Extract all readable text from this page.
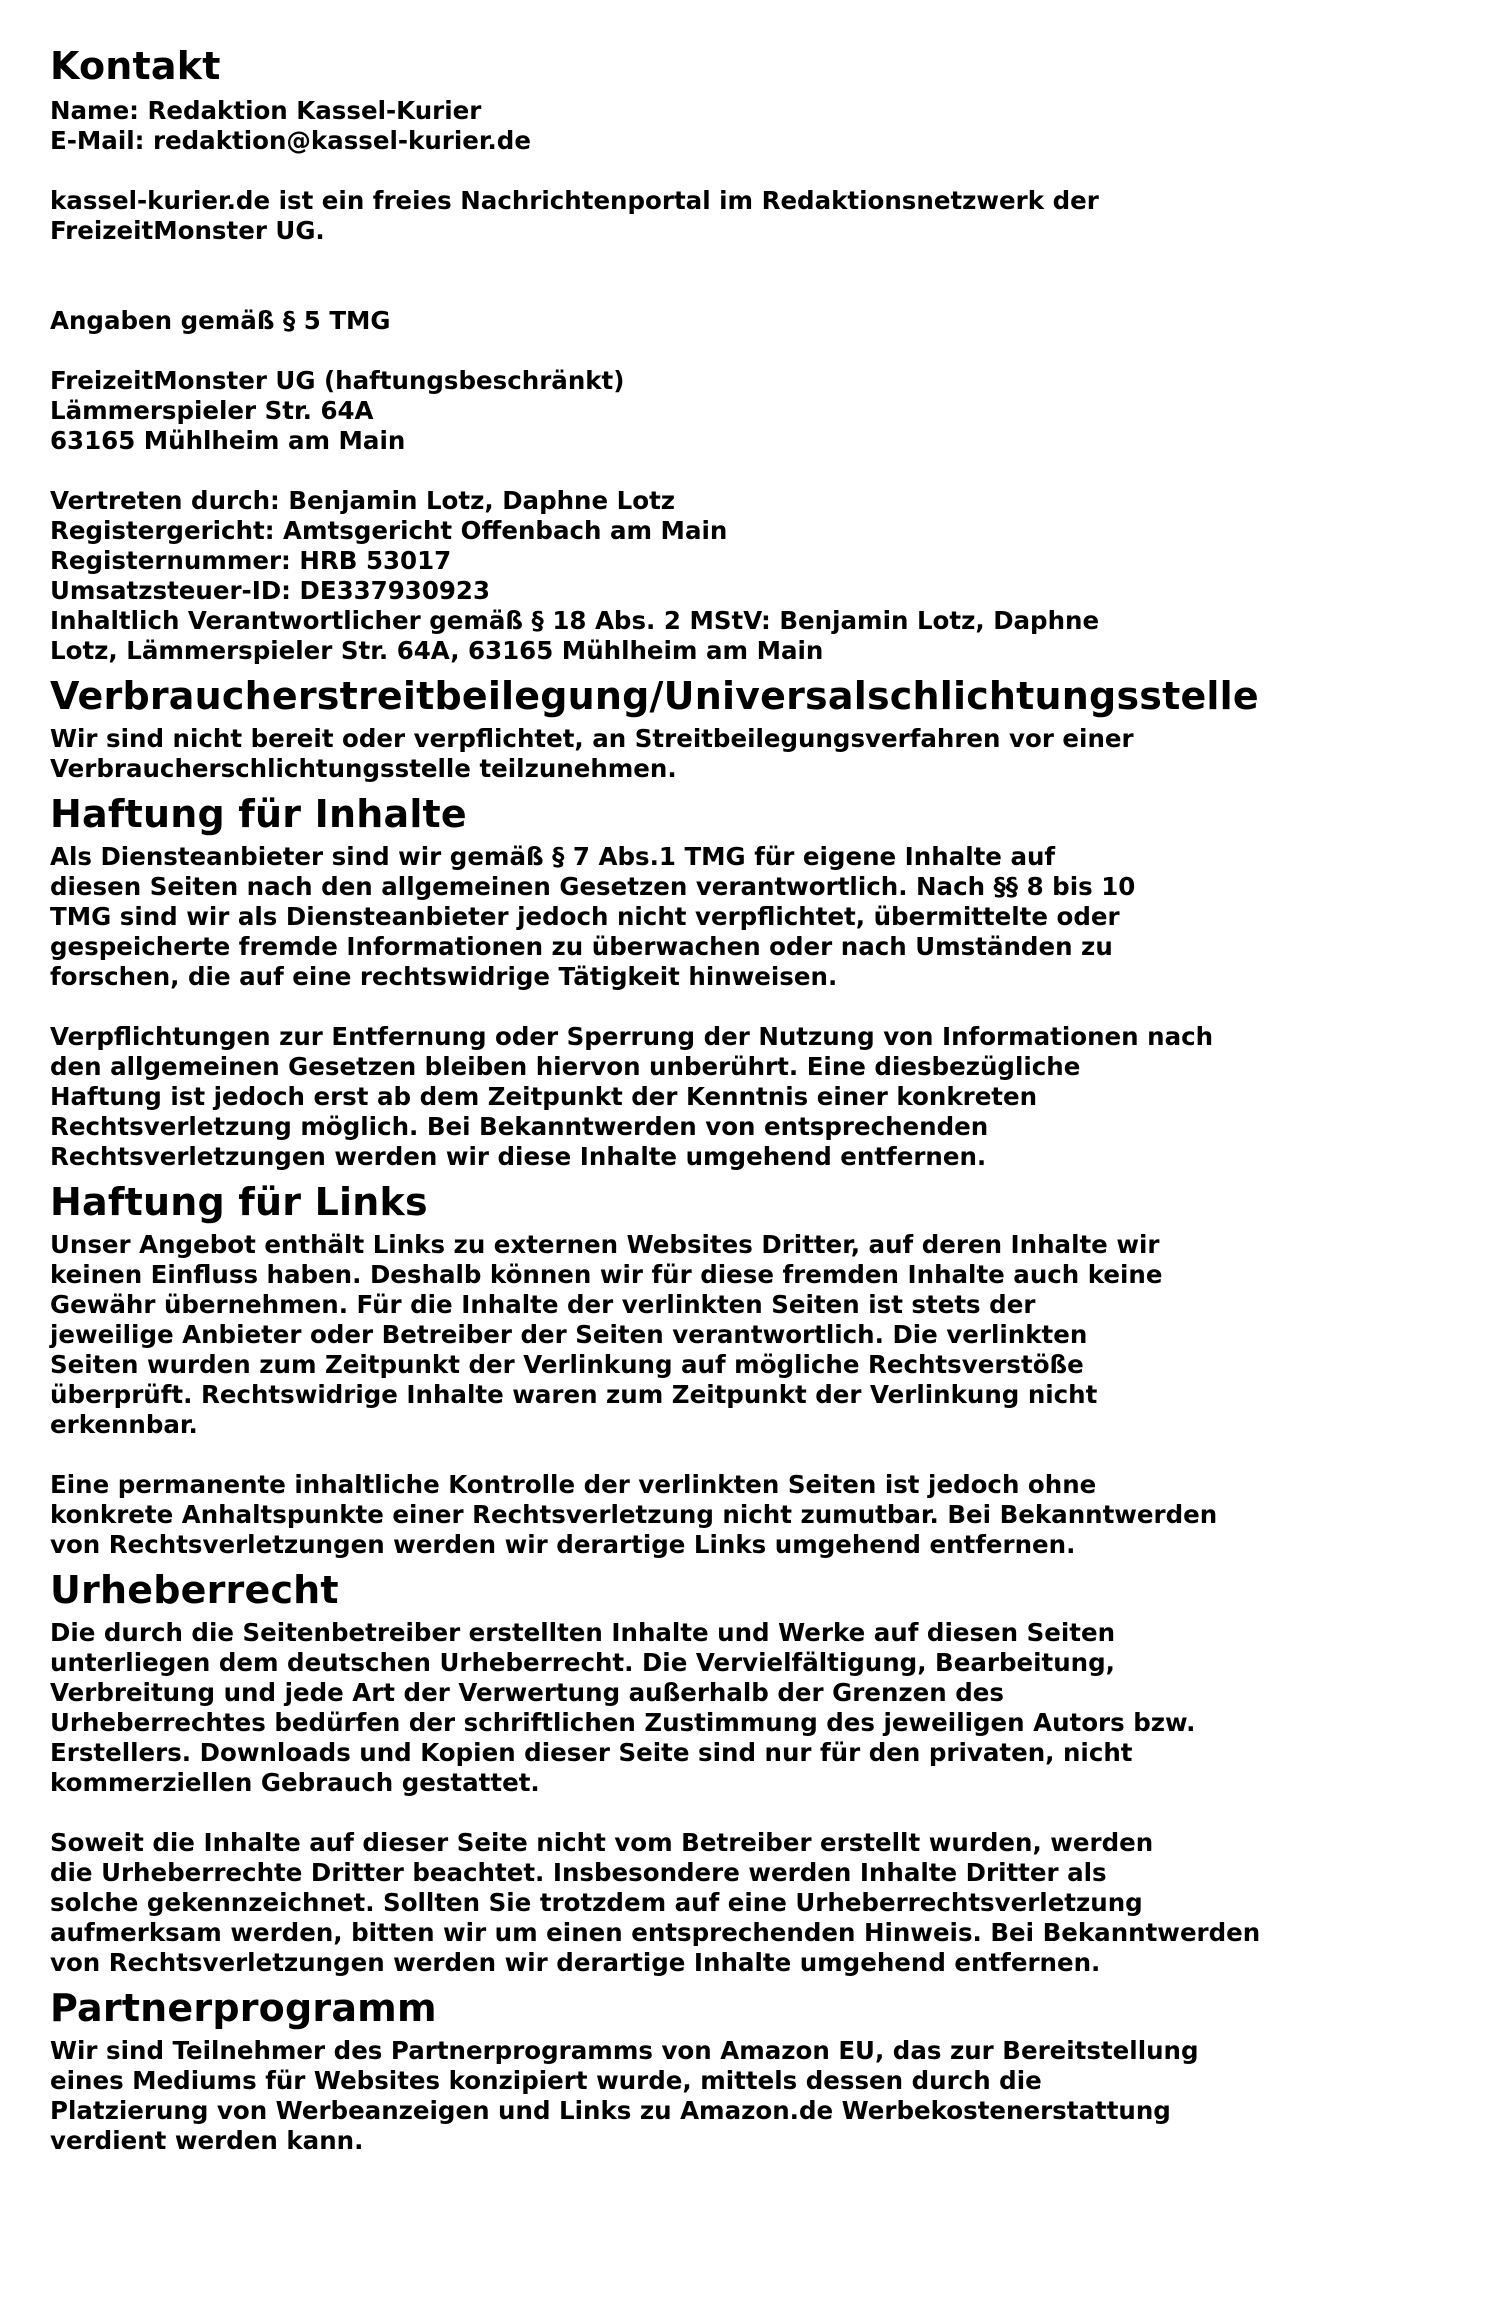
Kontakt
Name: Redaktion Kassel-Kurier
E-Mail: redaktion@kassel-kurier.de
kassel-kurier.de ist ein freies Nachrichtenportal im Redaktionsnetzwerk der
FreizeitMonster UG.
Angaben gemäß § 5 TMG
FreizeitMonster UG (haftungsbeschränkt)
Lämmerspieler Str. 64A
63165 Mühlheim am Main
Vertreten durch: Benjamin Lotz, Daphne Lotz
Registergericht: Amtsgericht Offenbach am Main
Registernummer: HRB 53017
Umsatzsteuer-ID: DE337930923
Inhaltlich Verantwortlicher gemäß § 18 Abs. 2 MStV: Benjamin Lotz, Daphne
Lotz, Lämmerspieler Str. 64A, 63165 Mühlheim am Main
Verbraucherstreitbeilegung/Universalschlichtungsstelle
Wir sind nicht bereit oder verpflichtet, an Streitbeilegungsverfahren vor einer
Verbraucherschlichtungsstelle teilzunehmen.
Haftung für Inhalte
Als Diensteanbieter sind wir gemäß § 7 Abs.1 TMG für eigene Inhalte auf
diesen Seiten nach den allgemeinen Gesetzen verantwortlich. Nach §§ 8 bis 10
TMG sind wir als Diensteanbieter jedoch nicht verpflichtet, übermittelte oder
gespeicherte fremde Informationen zu überwachen oder nach Umständen zu
forschen, die auf eine rechtswidrige Tätigkeit hinweisen.
Verpflichtungen zur Entfernung oder Sperrung der Nutzung von Informationen nach
den allgemeinen Gesetzen bleiben hiervon unberührt. Eine diesbezügliche
Haftung ist jedoch erst ab dem Zeitpunkt der Kenntnis einer konkreten
Rechtsverletzung möglich. Bei Bekanntwerden von entsprechenden
Rechtsverletzungen werden wir diese Inhalte umgehend entfernen.
Haftung für Links
Unser Angebot enthält Links zu externen Websites Dritter, auf deren Inhalte wir
keinen Einfluss haben. Deshalb können wir für diese fremden Inhalte auch keine
Gewähr übernehmen. Für die Inhalte der verlinkten Seiten ist stets der
jeweilige Anbieter oder Betreiber der Seiten verantwortlich. Die verlinkten
Seiten wurden zum Zeitpunkt der Verlinkung auf mögliche Rechtsverstöße
überprüft. Rechtswidrige Inhalte waren zum Zeitpunkt der Verlinkung nicht
erkennbar.
Eine permanente inhaltliche Kontrolle der verlinkten Seiten ist jedoch ohne
konkrete Anhaltspunkte einer Rechtsverletzung nicht zumutbar. Bei Bekanntwerden
von Rechtsverletzungen werden wir derartige Links umgehend entfernen.
Urheberrecht
Die durch die Seitenbetreiber erstellten Inhalte und Werke auf diesen Seiten
unterliegen dem deutschen Urheberrecht. Die Vervielfältigung, Bearbeitung,
Verbreitung und jede Art der Verwertung außerhalb der Grenzen des
Urheberrechtes bedürfen der schriftlichen Zustimmung des jeweiligen Autors bzw.
Erstellers. Downloads und Kopien dieser Seite sind nur für den privaten, nicht
kommerziellen Gebrauch gestattet.
Soweit die Inhalte auf dieser Seite nicht vom Betreiber erstellt wurden, werden
die Urheberrechte Dritter beachtet. Insbesondere werden Inhalte Dritter als
solche gekennzeichnet. Sollten Sie trotzdem auf eine Urheberrechtsverletzung
aufmerksam werden, bitten wir um einen entsprechenden Hinweis. Bei Bekanntwerden
von Rechtsverletzungen werden wir derartige Inhalte umgehend entfernen.
Partnerprogramm
Wir sind Teilnehmer des Partnerprogramms von Amazon EU, das zur Bereitstellung
eines Mediums für Websites konzipiert wurde, mittels dessen durch die
Platzierung von Werbeanzeigen und Links zu Amazon.de Werbekostenerstattung
verdient werden kann.
